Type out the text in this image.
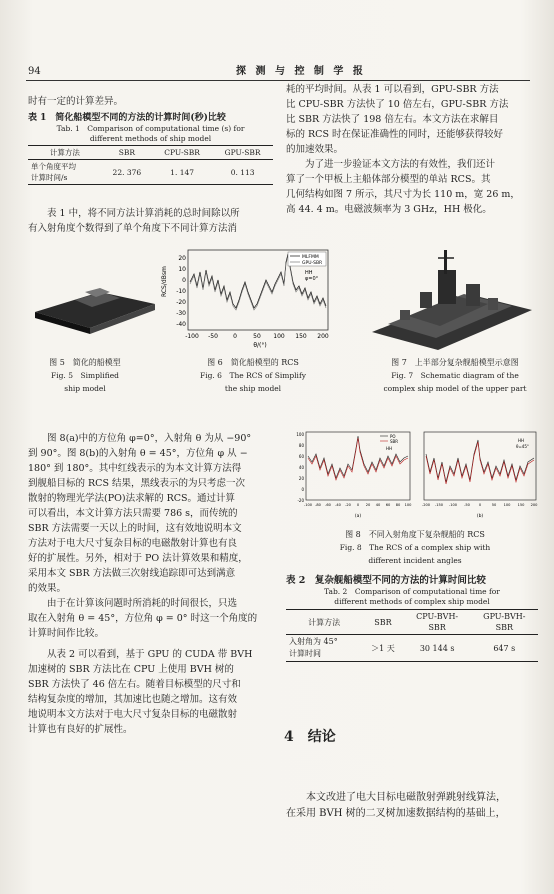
94	探 测 与 控 制 学 报
时有一定的计算差异。
表 1　简化船模型不同的方法的计算时间(秒)比较
Tab. 1　Comparison of computational time (s) for
different methods of ship model
计算方法	SBR	CPU-SBR	GPU-SBR
单个角度平均
计算时间/s	22. 376	1. 147	0. 113

表 1 中，将不同方法计算消耗的总时间除以所

有入射角度个数得到了单个角度下不同计算方法消
耗的平均时间。从表 1 可以看到，GPU-SBR 方法
比 CPU-SBR 方法快了 10 倍左右，GPU-SBR 方法
比 SBR 方法快了 198 倍左右。本文方法在求解目
标的 RCS 时在保证准确性的同时，还能够获得较好
的加速效果。
为了进一步验证本文方法的有效性，我们还计
算了一个甲板上主船体部分模型的单站 RCS。其
几何结构如图 7 所示，其尺寸为长 110 m，宽 26 m，
高 44. 4 m。电磁波频率为 3 GHz，HH 极化。
图 5　简化的船模型
Fig. 5　Simplified
ship model
RCS/dBsm
20
10
0
-10
-20
-30
-40
-100 -50	0	50 100 150 200
θ/(°)
MLFMM
GPU-SBR
HH
φ=0°
图 6　简化船模型的 RCS
Fig. 6　The RCS of Simplify
the ship model
图 7　上半部分复杂舰船模型示意图
Fig. 7　Schematic diagram of the
complex ship model of the upper part
图 8(a)中的方位角 φ=0°，入射角 θ 为从 −90°
到 90°。图 8(b)的入射角 θ = 45°，方位角 φ 从 −
180° 到 180°。其中红线表示的为本文计算方法得
到舰船目标的 RCS 结果，黑线表示的为只考虑一次
散射的物理光学法(PO)法求解的 RCS。通过计算
可以看出，本文计算方法只需要 786 s，而传统的
SBR 方法需要一天以上的时间，这有效地说明本文
方法对于电大尺寸复杂目标的电磁散射计算也有良
好的扩展性。另外，相对于 PO 法计算效果和精度，
采用本文 SBR 方法做三次射线追踪即可达到满意
的效果。
由于在计算该问题时所消耗的时间很长，只选
取在入射角 θ = 45°，方位角 φ = 0° 时这一个角度的
计算时间作比较。
从表 2 可以看到，基于 GPU 的 CUDA 带 BVH
加速树的 SBR 方法比在 CPU 上使用 BVH 树的
SBR 方法快了 46 倍左右。随着目标模型的尺寸和
结构复杂度的增加，其加速比也随之增加。这有效
地说明本文方法对于电大尺寸复杂目标的电磁散射
计算也有良好的扩展性。
100
80
60
40
20
0
-20
PO
SBR
HH
-100 -80 -60 -40 -20 0 20 40 60 80 100
(a)
HH
θ=45°
-200 -150 -100 -50 0	50 100 150 200
(b)
图 8　不同入射角度下复杂舰船的 RCS
Fig. 8　The RCS of a complex ship with
different incident angles
表 2　复杂舰船模型不同的方法的计算时间比较
Tab. 2　Comparison of computational time for
different methods of complex ship model
计算方法	SBR	CPU-BVH-
SBR	GPU-BVH-
SBR
入射角为 45°
计算时间	＞1 天	30 144 s	647 s
4　结论
本文改进了电大目标电磁散射弹跳射线算法，
在采用 BVH 树的二叉树加速数据结构的基础上，
